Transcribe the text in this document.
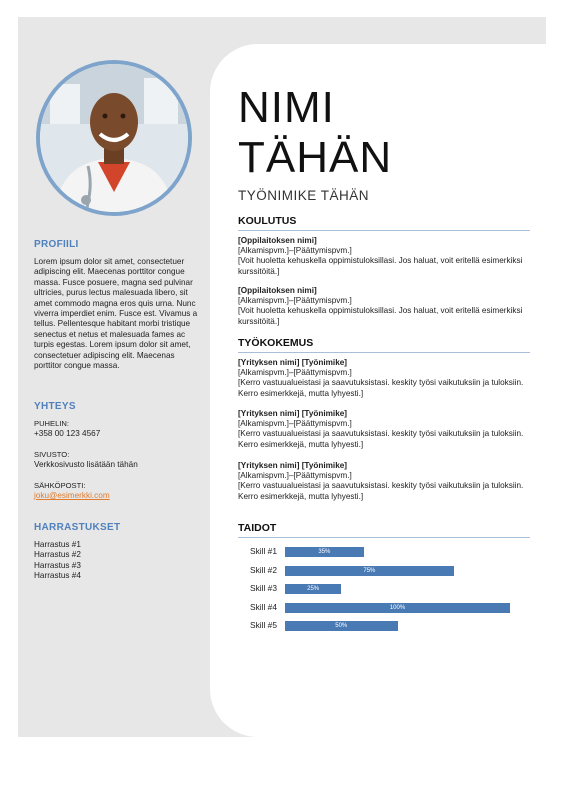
PROFIILI
Lorem ipsum dolor sit amet, consectetuer adipiscing elit. Maecenas porttitor congue massa. Fusce posuere, magna sed pulvinar ultricies, purus lectus malesuada libero, sit amet commodo magna eros quis urna. Nunc viverra imperdiet enim. Fusce est. Vivamus a tellus. Pellentesque habitant morbi tristique senectus et netus et malesuada fames ac turpis egestas. Lorem ipsum dolor sit amet, consectetuer adipiscing elit. Maecenas porttitor congue massa.
YHTEYS
PUHELIN:
+358 00 123 4567
SIVUSTO:
Verkkosivusto lisätään tähän
SÄHKÖPOSTI:
joku@esimerkki.com
HARRASTUKSET
Harrastus #1
Harrastus #2
Harrastus #3
Harrastus #4
NIMI
TÄHÄN
TYÖNIMIKE TÄHÄN
KOULUTUS
[Oppilaitoksen nimi]
[Alkamispvm.]–[Päättymispvm.]
[Voit huoletta kehuskella oppimistuloksillasi. Jos haluat, voit eritellä esimerkiksi kurssitöitä.]
[Oppilaitoksen nimi]
[Alkamispvm.]–[Päättymispvm.]
[Voit huoletta kehuskella oppimistuloksillasi. Jos haluat, voit eritellä esimerkiksi kurssitöitä.]
TYÖKOKEMUS
[Yrityksen nimi] [Työnimike]
[Alkamispvm.]–[Päättymispvm.]
[Kerro vastuualueistasi ja saavutuksistasi. keskity työsi vaikutuksiin ja tuloksiin. Kerro esimerkkejä, mutta lyhyesti.]
[Yrityksen nimi] [Työnimike]
[Alkamispvm.]–[Päättymispvm.]
[Kerro vastuualueistasi ja saavutuksistasi. keskity työsi vaikutuksiin ja tuloksiin. Kerro esimerkkejä, mutta lyhyesti.]
[Yrityksen nimi] [Työnimike]
[Alkamispvm.]–[Päättymispvm.]
[Kerro vastuualueistasi ja saavutuksistasi. keskity työsi vaikutuksiin ja tuloksiin. Kerro esimerkkejä, mutta lyhyesti.]
TAIDOT
Skill #1	35%
Skill #2	75%
Skill #3	25%
Skill #4	100%
Skill #5	50%
